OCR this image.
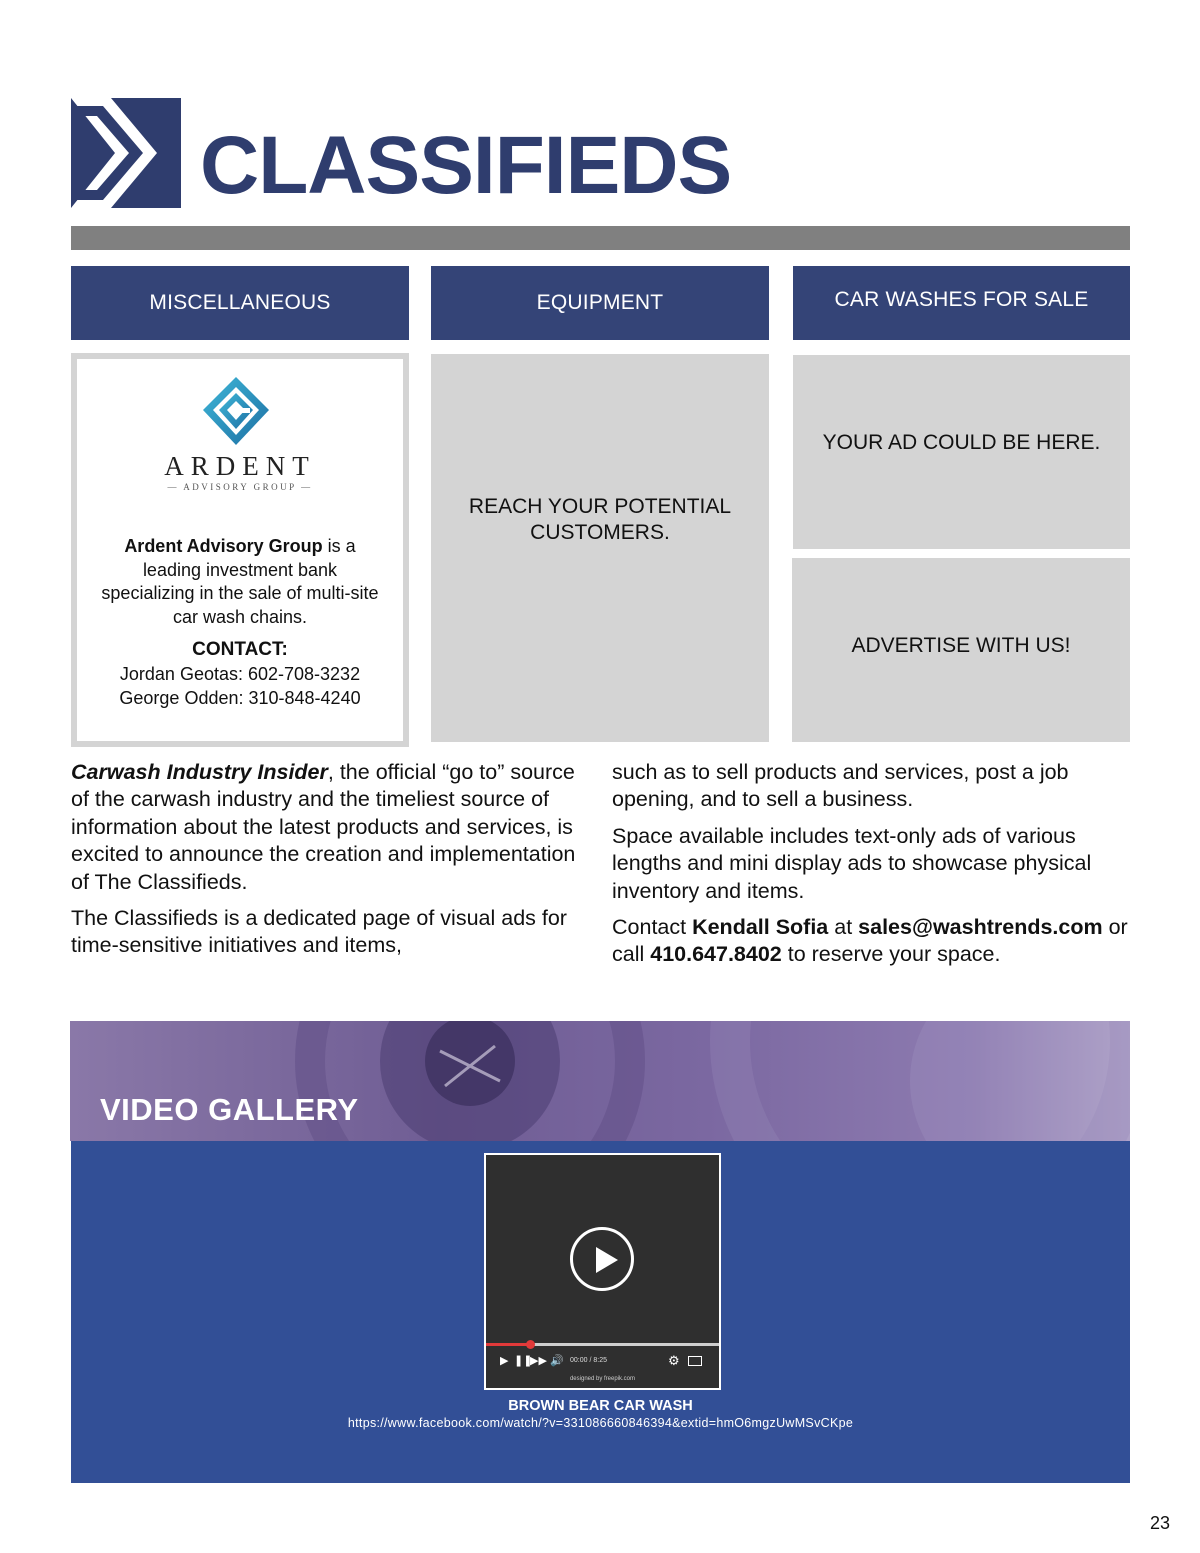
CLASSIFIEDS
MISCELLANEOUS	EQUIPMENT	CAR WASHES FOR SALE
ARDENT
— ADVISORY GROUP —
Ardent Advisory Group is a leading investment bank specializing in the sale of multi-site car wash chains.
CONTACT:
Jordan Geotas: 602-708-3232
George Odden: 310-848-4240
REACH YOUR POTENTIAL CUSTOMERS.
YOUR AD COULD BE HERE.
ADVERTISE WITH US!

Carwash Industry Insider, the official “go to” source of the carwash industry and the timeliest source of information about the latest products and services, is excited to announce the creation and implementation of The Classifieds.

The Classifieds is a dedicated page of visual ads for time-sensitive initiatives and items,

such as to sell products and services, post a job opening, and to sell a business.

Space available includes text-only ads of various lengths and mini display ads to showcase physical inventory and items.

Contact Kendall Sofia at sales@washtrends.com or call 410.647.8402 to reserve your space.

VIDEO GALLERY
▶ ❚❚
▶▶ 🔊 00:00 / 8:25	⚙
designed by freepik.com
BROWN BEAR CAR WASH
https://www.facebook.com/watch/?v=331086660846394&extid=hmO6mgzUwMSvCKpe
23
